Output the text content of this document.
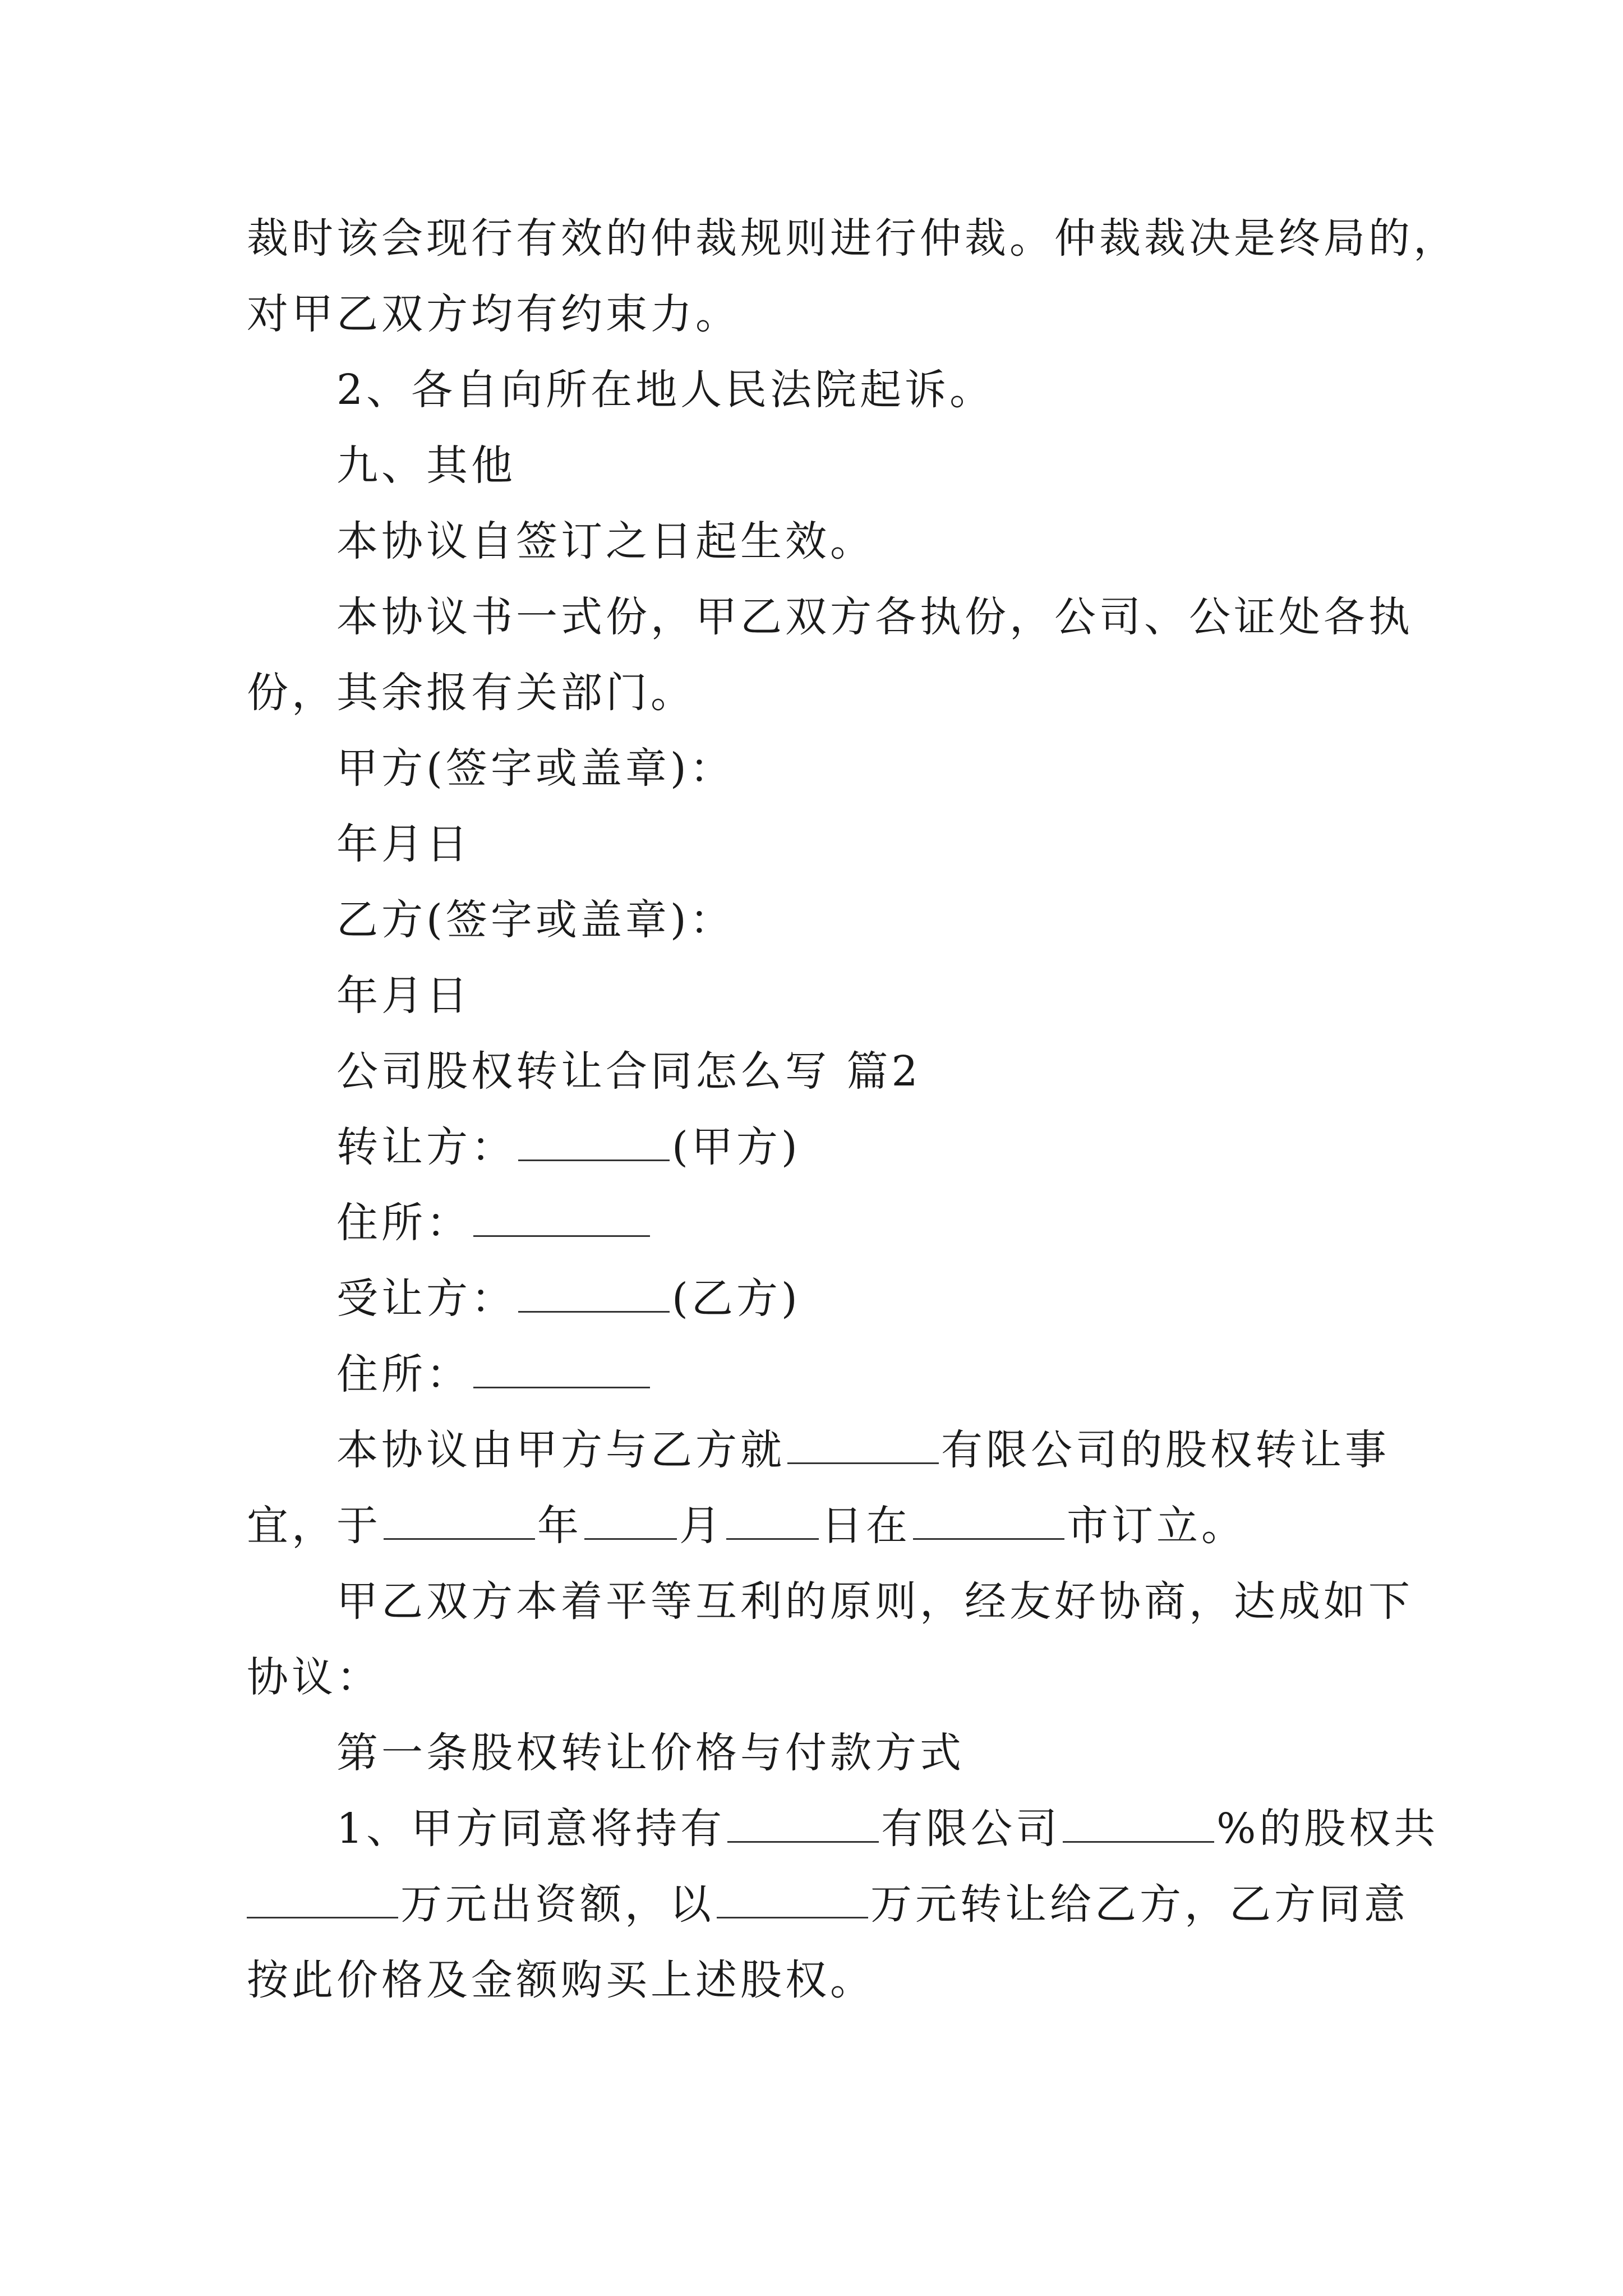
裁时该会现行有效的仲裁规则进行仲裁。仲裁裁决是终局的，
对甲乙双方均有约束力。
2、各自向所在地人民法院起诉。
九、其他
本协议自签订之日起生效。
本协议书一式份，甲乙双方各执份，公司、公证处各执
份，其余报有关部门。
甲方(签字或盖章)：
年月日
乙方(签字或盖章)：
年月日
公司股权转让合同怎么写 篇2
转让方：	(甲方)
住所：
受让方：	(乙方)
住所：
本协议由甲方与乙方就	有限公司的股权转让事
宜，于	年 月 日在	市订立。
甲乙双方本着平等互利的原则，经友好协商，达成如下
协议：
第一条股权转让价格与付款方式
1、甲方同意将持有	有限公司	%的股权共
万元出资额，以	万元转让给乙方，乙方同意
按此价格及金额购买上述股权。
